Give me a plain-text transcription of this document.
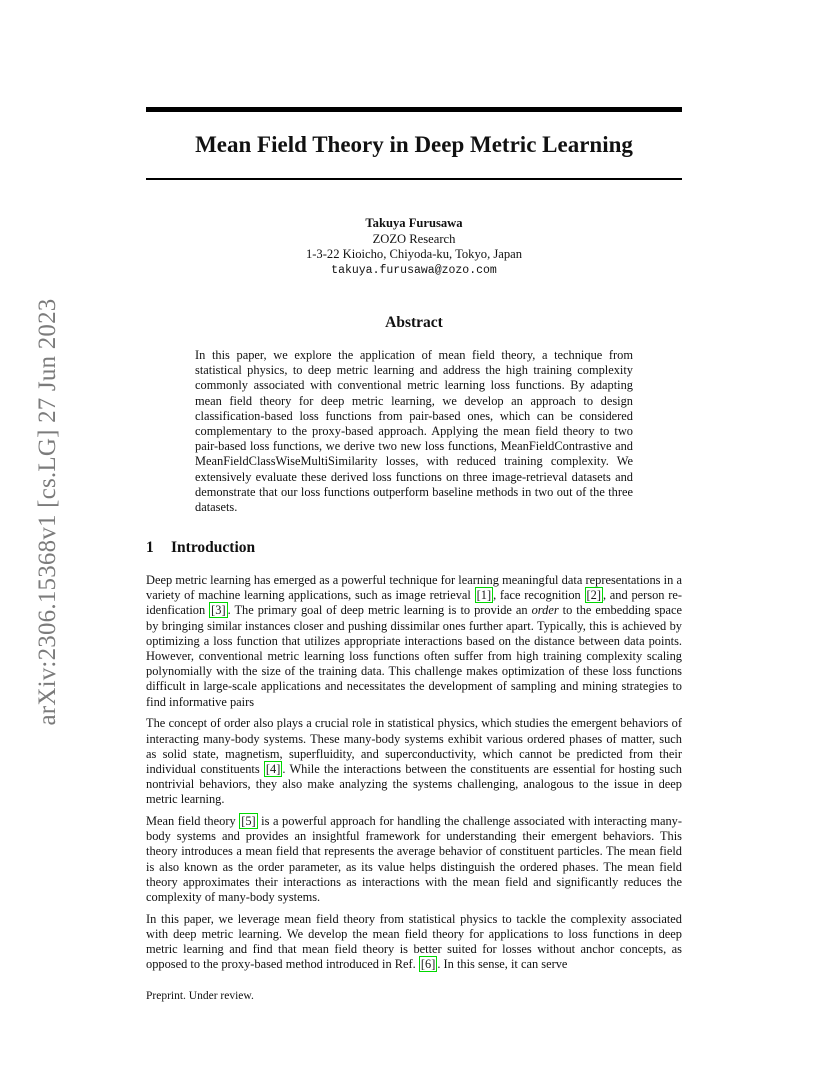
arXiv:2306.15368v1 [cs.LG] 27 Jun 2023
Mean Field Theory in Deep Metric Learning
Takuya Furusawa
ZOZO Research
1-3-22 Kioicho, Chiyoda-ku, Tokyo, Japan
takuya.furusawa@zozo.com
Abstract

In this paper, we explore the application of mean field theory, a technique from statistical physics, to deep metric learning and address the high training complexity commonly associated with conventional metric learning loss functions. By adapting mean field theory for deep metric learning, we develop an approach to design classification-based loss functions from pair-based ones, which can be considered complementary to the proxy-based approach. Applying the mean field theory to two pair-based loss functions, we derive two new loss functions, MeanFieldContrastive and MeanFieldClassWiseMultiSimilarity losses, with reduced training complexity. We extensively evaluate these derived loss functions on three image-retrieval datasets and demonstrate that our loss functions outperform baseline methods in two out of the three datasets.

1 Introduction

Deep metric learning has emerged as a powerful technique for learning meaningful data representations in a variety of machine learning applications, such as image retrieval [1] , face recognition [2] , and person re-idenfication [3] . The primary goal of deep metric learning is to provide an order to the embedding space by bringing similar instances closer and pushing dissimilar ones further apart. Typically, this is achieved by optimizing a loss function that utilizes appropriate interactions based on the distance between data points. However, conventional metric learning loss functions often suffer from high training complexity scaling polynomially with the size of the training data. This challenge makes optimization of these loss functions difficult in large-scale applications and necessitates the development of sampling and mining strategies to find informative pairs

The concept of order also plays a crucial role in statistical physics, which studies the emergent behaviors of interacting many-body systems. These many-body systems exhibit various ordered phases of matter, such as solid state, magnetism, superfluidity, and superconductivity, which cannot be predicted from their individual constituents [4] . While the interactions between the constituents are essential for hosting such nontrivial behaviors, they also make analyzing the systems challenging, analogous to the issue in deep metric learning.

Mean field theory [5] is a powerful approach for handling the challenge associated with interacting many-body systems and provides an insightful framework for understanding their emergent behaviors. This theory introduces a mean field that represents the average behavior of constituent particles. The mean field is also known as the order parameter, as its value helps distinguish the ordered phases. The mean field theory approximates their interactions as interactions with the mean field and significantly reduces the complexity of many-body systems.

In this paper, we leverage mean field theory from statistical physics to tackle the complexity associated with deep metric learning. We develop the mean field theory for applications to loss functions in deep metric learning and find that mean field theory is better suited for losses without anchor concepts, as opposed to the proxy-based method introduced in Ref. [6] . In this sense, it can serve

Preprint. Under review.
